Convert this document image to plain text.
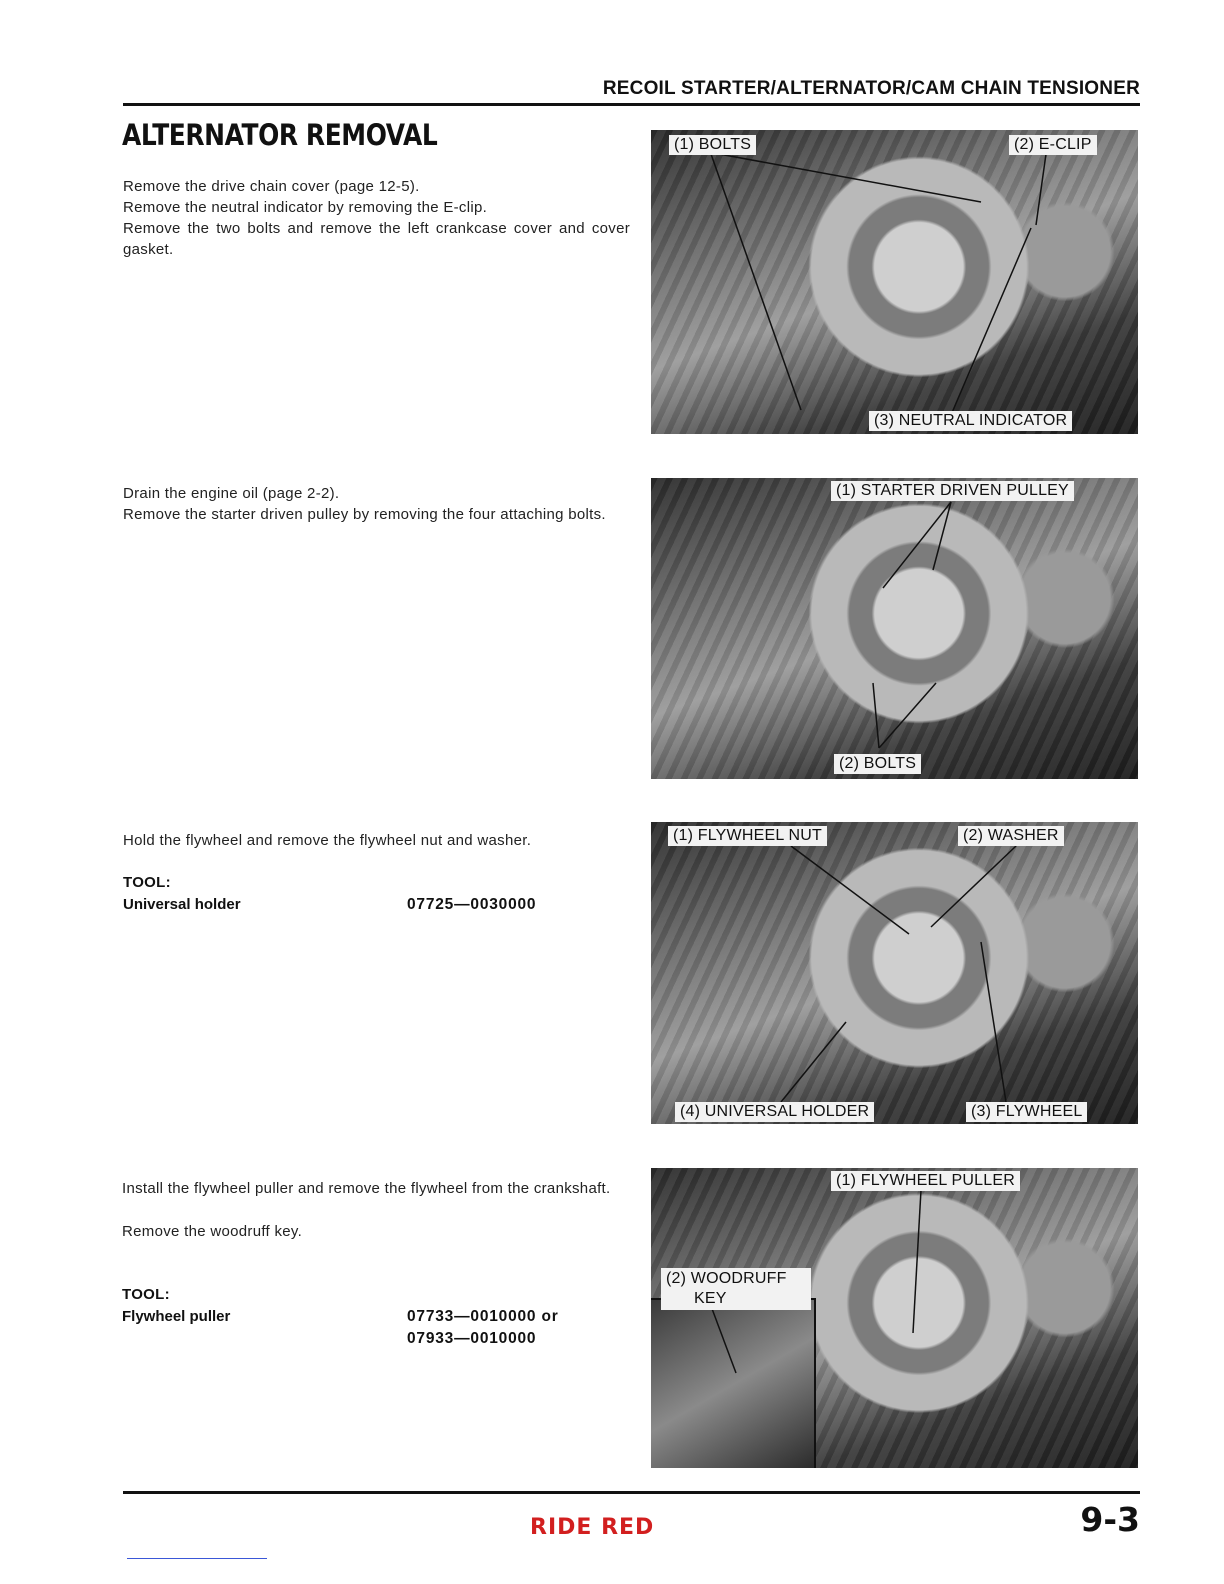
RECOIL STARTER/ALTERNATOR/CAM CHAIN TENSIONER
ALTERNATOR REMOVAL

Remove the drive chain cover (page 12-5).

Remove the neutral indicator by removing the E-clip.

Remove the two bolts and remove the left crankcase cover and cover gasket.

(1) BOLTS	(2) E-CLIP
(3) NEUTRAL INDICATOR

Drain the engine oil (page 2-2).

Remove the starter driven pulley by removing the four attaching bolts.

(1) STARTER DRIVEN PULLEY
(2) BOLTS

Hold the flywheel and remove the flywheel nut and washer.

TOOL:
Universal holder	07725—0030000
(1) FLYWHEEL NUT	(2) WASHER
(4) UNIVERSAL HOLDER	(3) FLYWHEEL

Install the flywheel puller and remove the flywheel from the crankshaft.

Remove the woodruff key.

TOOL:
Flywheel puller	07733—0010000 or
07933—0010000
(1) FLYWHEEL PULLER
(2) WOODRUFF
KEY
RIDE RED	9-3
